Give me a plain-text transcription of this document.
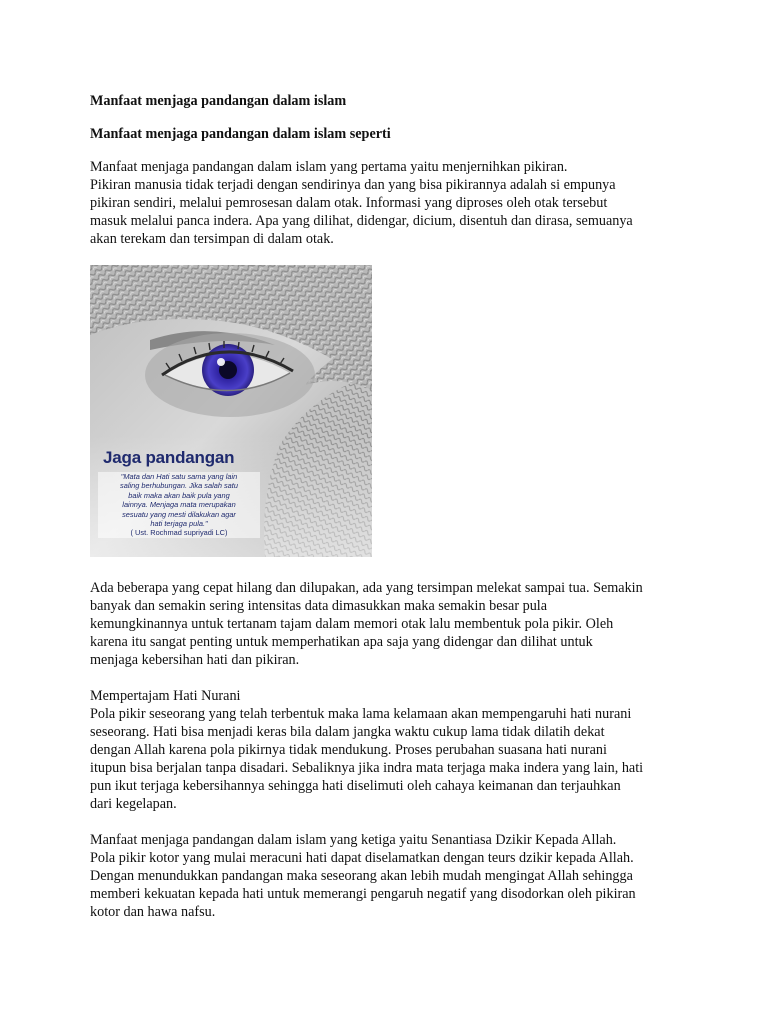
Manfaat menjaga pandangan dalam islam

Manfaat menjaga pandangan dalam islam seperti

Manfaat menjaga pandangan dalam islam yang pertama yaitu menjernihkan pikiran.
Pikiran manusia tidak terjadi dengan sendirinya dan yang bisa pikirannya adalah si empunya
pikiran sendiri, melalui pemrosesan dalam otak. Informasi yang diproses oleh otak tersebut
masuk melalui panca indera. Apa yang dilihat, didengar, dicium, disentuh dan dirasa, semuanya
akan terekam dan tersimpan di dalam otak.

Jaga pandangan
"Mata dan Hati satu sama yang lain
saling berhubungan. Jika salah satu
baik maka akan baik pula yang
lainnya. Menjaga mata merupakan
sesuatu yang mesti dilakukan agar
hati terjaga pula."
( Ust. Rochmad supriyadi LC)

Ada beberapa yang cepat hilang dan dilupakan, ada yang tersimpan melekat sampai tua. Semakin
banyak dan semakin sering intensitas data dimasukkan maka semakin besar pula
kemungkinannya untuk tertanam tajam dalam memori otak lalu membentuk pola pikir. Oleh
karena itu sangat penting untuk memperhatikan apa saja yang didengar dan dilihat untuk
menjaga kebersihan hati dan pikiran.

Mempertajam Hati Nurani
Pola pikir seseorang yang telah terbentuk maka lama kelamaan akan mempengaruhi hati nurani
seseorang. Hati bisa menjadi keras bila dalam jangka waktu cukup lama tidak dilatih dekat
dengan Allah karena pola pikirnya tidak mendukung. Proses perubahan suasana hati nurani
itupun bisa berjalan tanpa disadari. Sebaliknya jika indra mata terjaga maka indera yang lain, hati
pun ikut terjaga kebersihannya sehingga hati diselimuti oleh cahaya keimanan dan terjauhkan
dari kegelapan.

Manfaat menjaga pandangan dalam islam yang ketiga yaitu Senantiasa Dzikir Kepada Allah.
Pola pikir kotor yang mulai meracuni hati dapat diselamatkan dengan teurs dzikir kepada Allah.
Dengan menundukkan pandangan maka seseorang akan lebih mudah mengingat Allah sehingga
memberi kekuatan kepada hati untuk memerangi pengaruh negatif yang disodorkan oleh pikiran
kotor dan hawa nafsu.
